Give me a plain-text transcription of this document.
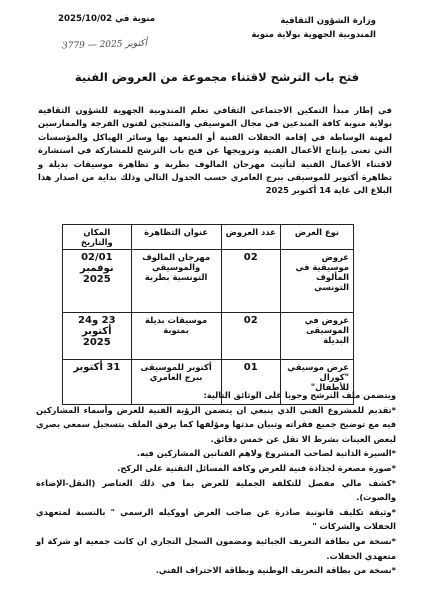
وزارة الشؤون الثقافية
المندوبية الجهوية بولاية منوبة
منوبة في 2025/10/02
3779 — 2025 أكتوبر
فتح باب الترشح لاقتناء مجموعة من العروض الفنية
في إطار مبدأ التمكين الاجتماعي الثقافي تعلم المندوبية الجهوية للشؤون الثقافية بولاية منوبة كافة المبدعين في مجال الموسيقي والمنتجين لفنون الفرجة والممارسين لمهنة الوساطة في إقامة الحفلات الفنية أو المتعهد بها وسائر الهياكل والمؤسسات التي تعنى بإنتاج الأعمال الفنية وترويجها عن فتح باب الترشح للمشاركة في استشارة لاقتناء الأعمال الفنية لتأثيث مهرجان المالوف بطربة و تظاهرة موسيقات بديلة و تظاهرة أكتوبر للموسيقى ببرج العامري حسب الجدول التالي وذلك بداية من اصدار هذا البلاغ الى غاية 14 أكتوبر 2025
نوع العرض	عدد العروض	عنوان التظاهرة	المكان والتاريخ
عروض موسيقية في المألوف التونسي	02	مهرجان المالوف والموسيقي التونسية بطربة	02/01
نوفمبر 2025

عروض في الموسيقى البديلة	02	موسيقات بديلة بمنوبة	23 و24 أكتوبر
2025

عرض موسيقي "كورال للأطفال"	01	أكتوبر للموسيقى ببرج العامري	31 أكتوبر

ويتضمن ملف الترشح وجوبا على الوثائق التالية:

*تقديم للمشروع الفني الذي ينبغي ان يتضمن الرؤية الفنية للعرض وأسماء المشاركين فيه مع توضيح جميع فقراته وتبيان مدتها ومؤلفها كما يرفق الملف بتسجيل سمعي بصري لبعض العينات بشرط الا تقل عن خمس دقائق.

*السيرة الذاتية لصاحب المشروع ولاهم الفنانين المشاركين فيه.

*صورة مصغرة لجذاذة فنية للعرض وكافة المسائل التقنية على الركح.

*كشف مالي مفصل للتكلفة الجملية للعرض بما في ذلك العناصر (النقل-الإضاءة والصوت).

*وثيقة تكليف قانونية صادرة عن صاحب العرض اووكيله الرسمي " بالنسبة لمتعهدي الحفلات والشركات "

*نسخة من بطاقة التعريف الجبائية ومضمون السجل التجاري ان كانت جمعية او شركة او متعهدي الحفلات.

*نسخة من بطاقة التعريف الوطنية وبطاقة الاحتراف الفني.
